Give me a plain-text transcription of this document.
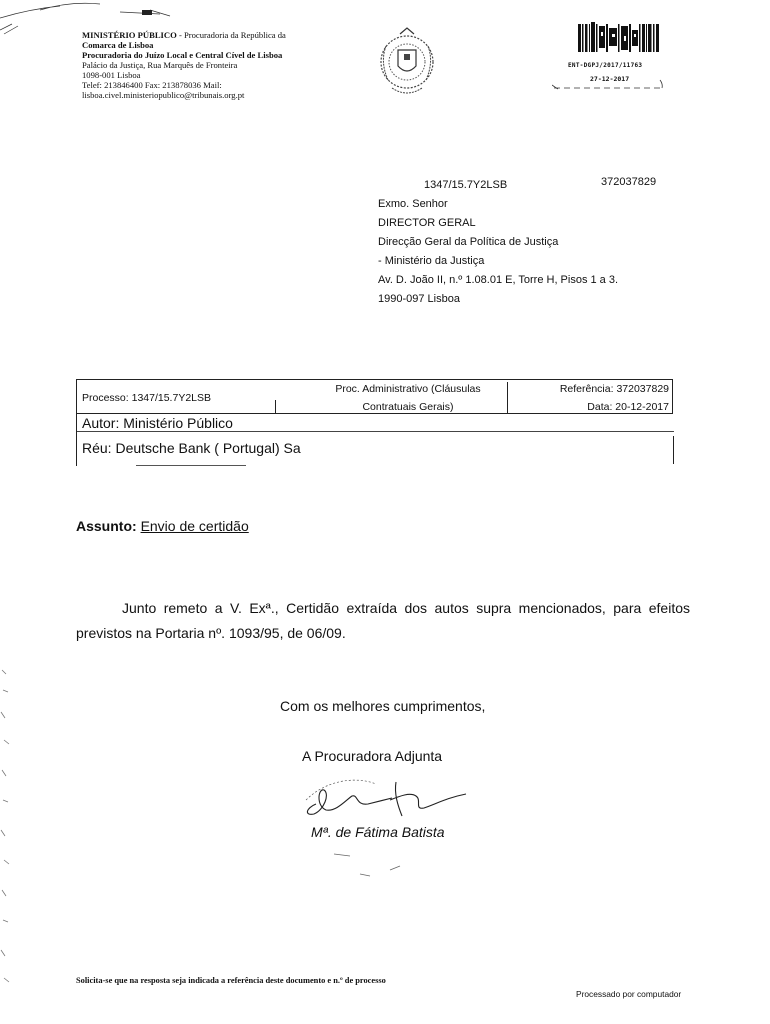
MINISTÉRIO PÚBLICO - Procuradoria da República da
Comarca de Lisboa
Procuradoria do Juízo Local e Central Cível de Lisboa
Palácio da Justiça, Rua Marquês de Fronteira
1098-001 Lisboa
Telef: 213846400 Fax: 213878036 Mail:
lisboa.civel.ministeriopublico@tribunais.org.pt
ENT-DGPJ/2017/11763
27-12-2017
372037829
1347/15.7Y2LSB
Exmo. Senhor
DIRECTOR GERAL
Direcção Geral da Política de Justiça
- Ministério da Justiça
Av. D. João II, n.º 1.08.01 E, Torre H, Pisos 1 a 3.
1990-097 Lisboa
Processo: 1347/15.7Y2LSB
Proc. Administrativo (Cláusulas
Contratuais Gerais)
Referência: 372037829
Data: 20-12-2017
Autor: Ministério Público
Réu: Deutsche Bank ( Portugal) Sa
Assunto: Envio de certidão
Junto remeto a V. Exª., Certidão extraída dos autos supra mencionados, para efeitos previstos na Portaria nº. 1093/95, de 06/09.
Com os melhores cumprimentos,
A Procuradora Adjunta
Mª. de Fátima Batista
Solicita-se que na resposta seja indicada a referência deste documento e n.º de processo
Processado por computador
